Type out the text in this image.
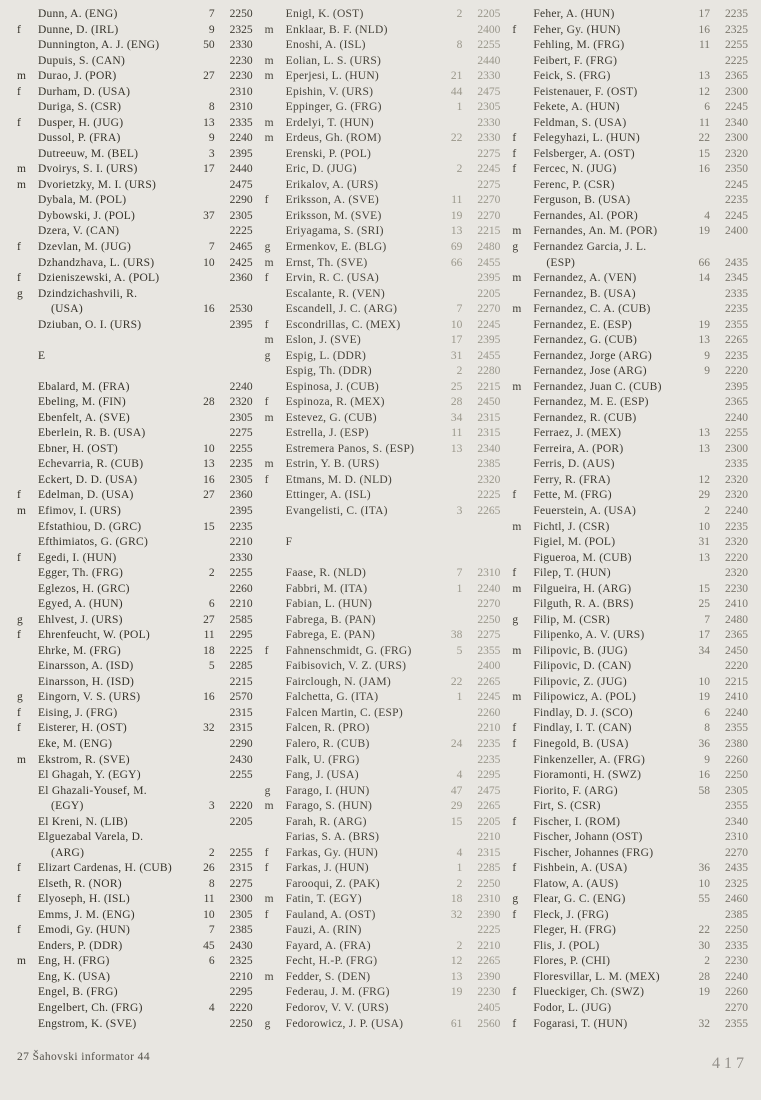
Dunn, A. (ENG)	7	2250
f	Dunne, D. (IRL)	9	2325
Dunnington, A. J. (ENG)	50	2330
Dupuis, S. (CAN)	2230
m	Durao, J. (POR)	27	2230
f	Durham, D. (USA)	2310
Duriga, S. (CSR)	8	2310
f	Dusper, H. (JUG)	13	2335
Dussol, P. (FRA)	9	2240
Dutreeuw, M. (BEL)	3	2395
m	Dvoirys, S. I. (URS)	17	2440
m	Dvorietzky, M. I. (URS)	2475
Dybala, M. (POL)	2290
Dybowski, J. (POL)	37	2305
Dzera, V. (CAN)	2225
f	Dzevlan, M. (JUG)	7	2465
Dzhandzhava, L. (URS)	10	2425
f	Dzieniszewski, A. (POL)	2360
g	Dzindzichashvili, R.
(USA)	16	2530
Dziuban, O. I. (URS)	2395
E
Ebalard, M. (FRA)	2240
Ebeling, M. (FIN)	28	2320
Ebenfelt, A. (SVE)	2305
Eberlein, R. B. (USA)	2275
Ebner, H. (OST)	10	2255
Echevarria, R. (CUB)	13	2235
Eckert, D. D. (USA)	16	2305
f	Edelman, D. (USA)	27	2360
m	Efimov, I. (URS)	2395
Efstathiou, D. (GRC)	15	2235
Efthimiatos, G. (GRC)	2210
f	Egedi, I. (HUN)	2330
Egger, Th. (FRG)	2	2255
Eglezos, H. (GRC)	2260
Egyed, A. (HUN)	6	2210
g	Ehlvest, J. (URS)	27	2585
f	Ehrenfeucht, W. (POL)	11	2295
Ehrke, M. (FRG)	18	2225
Einarsson, A. (ISD)	5	2285
Einarsson, H. (ISD)	2215
g	Eingorn, V. S. (URS)	16	2570
f	Eising, J. (FRG)	2315
f	Eisterer, H. (OST)	32	2315
Eke, M. (ENG)	2290
m	Ekstrom, R. (SVE)	2430
El Ghagah, Y. (EGY)	2255
El Ghazali-Yousef, M.
(EGY)	3	2220
El Kreni, N. (LIB)	2205
Elguezabal Varela, D.
(ARG)	2	2255
f	Elizart Cardenas, H. (CUB)	26	2315
Elseth, R. (NOR)	8	2275
f	Elyoseph, H. (ISL)	11	2300
Emms, J. M. (ENG)	10	2305
f	Emodi, Gy. (HUN)	7	2385
Enders, P. (DDR)	45	2430
m	Eng, H. (FRG)	6	2325
Eng, K. (USA)	2210
Engel, B. (FRG)	2295
Engelbert, Ch. (FRG)	4	2220
Engstrom, K. (SVE)	2250
Enigl, K. (OST)	2	2205
m	Enklaar, B. F. (NLD)	2400
Enoshi, A. (ISL)	8	2255
m	Eolian, L. S. (URS)	2440
m	Eperjesi, L. (HUN)	21	2330
Epishin, V. (URS)	44	2475
Eppinger, G. (FRG)	1	2305
m	Erdelyi, T. (HUN)	2330
m	Erdeus, Gh. (ROM)	22	2330
Erenski, P. (POL)	2275
Eric, D. (JUG)	2	2245
Erikalov, A. (URS)	2275
f	Eriksson, A. (SVE)	11	2270
Eriksson, M. (SVE)	19	2270
Eriyagama, S. (SRI)	13	2215
g	Ermenkov, E. (BLG)	69	2480
m	Ernst, Th. (SVE)	66	2455
f	Ervin, R. C. (USA)	2395
Escalante, R. (VEN)	2205
Escandell, J. C. (ARG)	7	2270
f	Escondrillas, C. (MEX)	10	2245
m	Eslon, J. (SVE)	17	2395
g	Espig, L. (DDR)	31	2455
Espig, Th. (DDR)	2	2280
Espinosa, J. (CUB)	25	2215
f	Espinoza, R. (MEX)	28	2450
m	Estevez, G. (CUB)	34	2315
Estrella, J. (ESP)	11	2315
Estremera Panos, S. (ESP)	13	2340
m	Estrin, Y. B. (URS)	2385
f	Etmans, M. D. (NLD)	2320
Ettinger, A. (ISL)	2225
Evangelisti, C. (ITA)	3	2265
F
Faase, R. (NLD)	7	2310
Fabbri, M. (ITA)	1	2240
Fabian, L. (HUN)	2270
Fabrega, B. (PAN)	2250
Fabrega, E. (PAN)	38	2275
f	Fahnenschmidt, G. (FRG)	5	2355
Faibisovich, V. Z. (URS)	2400
Fairclough, N. (JAM)	22	2265
Falchetta, G. (ITA)	1	2245
Falcen Martin, C. (ESP)	2260
Falcen, R. (PRO)	2210
Falero, R. (CUB)	24	2235
Falk, U. (FRG)	2235
Fang, J. (USA)	4	2295
g	Farago, I. (HUN)	47	2475
m	Farago, S. (HUN)	29	2265
Farah, R. (ARG)	15	2205
Farias, S. A. (BRS)	2210
f	Farkas, Gy. (HUN)	4	2315
f	Farkas, J. (HUN)	1	2285
Farooqui, Z. (PAK)	2	2250
m	Fatin, T. (EGY)	18	2310
f	Fauland, A. (OST)	32	2390
Fauzi, A. (RIN)	2225
Fayard, A. (FRA)	2	2210
Fecht, H.-P. (FRG)	12	2265
m	Fedder, S. (DEN)	13	2390
Federau, J. M. (FRG)	19	2230
Fedorov, V. V. (URS)	2405
g	Fedorowicz, J. P. (USA)	61	2560
Feher, A. (HUN)	17	2235
f	Feher, Gy. (HUN)	16	2325
Fehling, M. (FRG)	11	2255
Feibert, F. (FRG)	2225
Feick, S. (FRG)	13	2365
Feistenauer, F. (OST)	12	2300
Fekete, A. (HUN)	6	2245
Feldman, S. (USA)	11	2340
f	Felegyhazi, L. (HUN)	22	2300
f	Felsberger, A. (OST)	15	2320
f	Fercec, N. (JUG)	16	2350
Ferenc, P. (CSR)	2245
Ferguson, B. (USA)	2235
Fernandes, Al. (POR)	4	2245
m	Fernandes, An. M. (POR)	19	2400
g	Fernandez Garcia, J. L.
(ESP)	66	2435
m	Fernandez, A. (VEN)	14	2345
Fernandez, B. (USA)	2335
m	Fernandez, C. A. (CUB)	2235
Fernandez, E. (ESP)	19	2355
Fernandez, G. (CUB)	13	2265
Fernandez, Jorge (ARG)	9	2235
Fernandez, Jose (ARG)	9	2220
m	Fernandez, Juan C. (CUB)	2395
Fernandez, M. E. (ESP)	2365
Fernandez, R. (CUB)	2240
Ferraez, J. (MEX)	13	2255
Ferreira, A. (POR)	13	2300
Ferris, D. (AUS)	2335
Ferry, R. (FRA)	12	2320
f	Fette, M. (FRG)	29	2320
Feuerstein, A. (USA)	2	2240
m	Fichtl, J. (CSR)	10	2235
Figiel, M. (POL)	31	2320
Figueroa, M. (CUB)	13	2220
f	Filep, T. (HUN)	2320
m	Filgueira, H. (ARG)	15	2230
Filguth, R. A. (BRS)	25	2410
g	Filip, M. (CSR)	7	2480
Filipenko, A. V. (URS)	17	2365
m	Filipovic, B. (JUG)	34	2450
Filipovic, D. (CAN)	2220
Filipovic, Z. (JUG)	10	2215
m	Filipowicz, A. (POL)	19	2410
Findlay, D. J. (SCO)	6	2240
f	Findlay, I. T. (CAN)	8	2355
f	Finegold, B. (USA)	36	2380
Finkenzeller, A. (FRG)	9	2260
Fioramonti, H. (SWZ)	16	2250
Fiorito, F. (ARG)	58	2305
Firt, S. (CSR)	2355
f	Fischer, I. (ROM)	2340
Fischer, Johann (OST)	2310
Fischer, Johannes (FRG)	2270
f	Fishbein, A. (USA)	36	2435
Flatow, A. (AUS)	10	2325
g	Flear, G. C. (ENG)	55	2460
f	Fleck, J. (FRG)	2385
Fleger, H. (FRG)	22	2250
Flis, J. (POL)	30	2335
Flores, P. (CHI)	2	2230
Floresvillar, L. M. (MEX)	28	2240
f	Flueckiger, Ch. (SWZ)	19	2260
Fodor, L. (JUG)	2270
f	Fogarasi, T. (HUN)	32	2355
27 Šahovski informator 44	417
